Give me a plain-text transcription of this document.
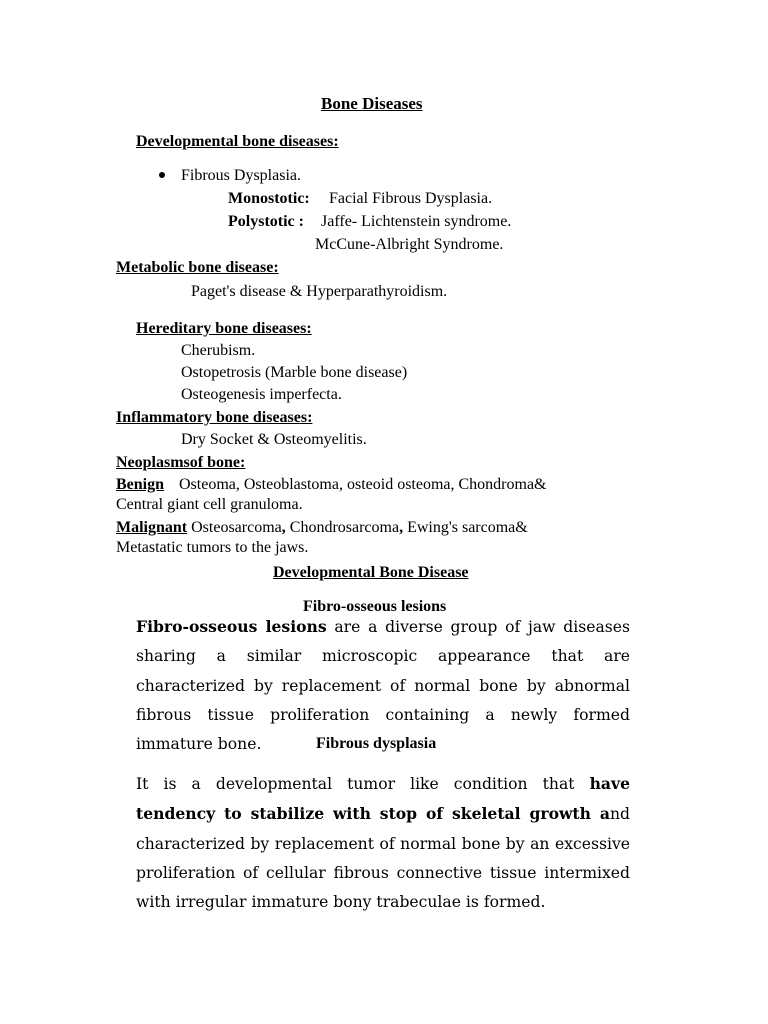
Bone Diseases
Developmental bone diseases:
Fibrous Dysplasia.
Monostotic: Facial Fibrous Dysplasia.
Polystotic : Jaffe- Lichtenstein syndrome.
McCune-Albright Syndrome.
Metabolic bone disease:
Paget's disease & Hyperparathyroidism.
Hereditary bone diseases:
Cherubism.
Ostopetrosis (Marble bone disease)
Osteogenesis imperfecta.
Inflammatory bone diseases:
Dry Socket & Osteomyelitis.
Neoplasmsof bone:
Benign Osteoma, Osteoblastoma, osteoid osteoma, Chondroma&
Central giant cell granuloma.
Malignant Osteosarcoma, Chondrosarcoma, Ewing's sarcoma&
Metastatic tumors to the jaws.
Developmental Bone Disease
Fibro-osseous lesions
Fibro-osseous lesions are a diverse group of jaw diseases sharing a similar microscopic appearance that are characterized by replacement of normal bone by abnormal fibrous tissue proliferation containing a newly formed immature bone.	Fibrous dysplasia
It is a developmental tumor like condition that have tendency to stabilize with stop of skeletal growth and characterized by replacement of normal bone by an excessive proliferation of cellular fibrous connective tissue intermixed with irregular immature bony trabeculae is formed.
